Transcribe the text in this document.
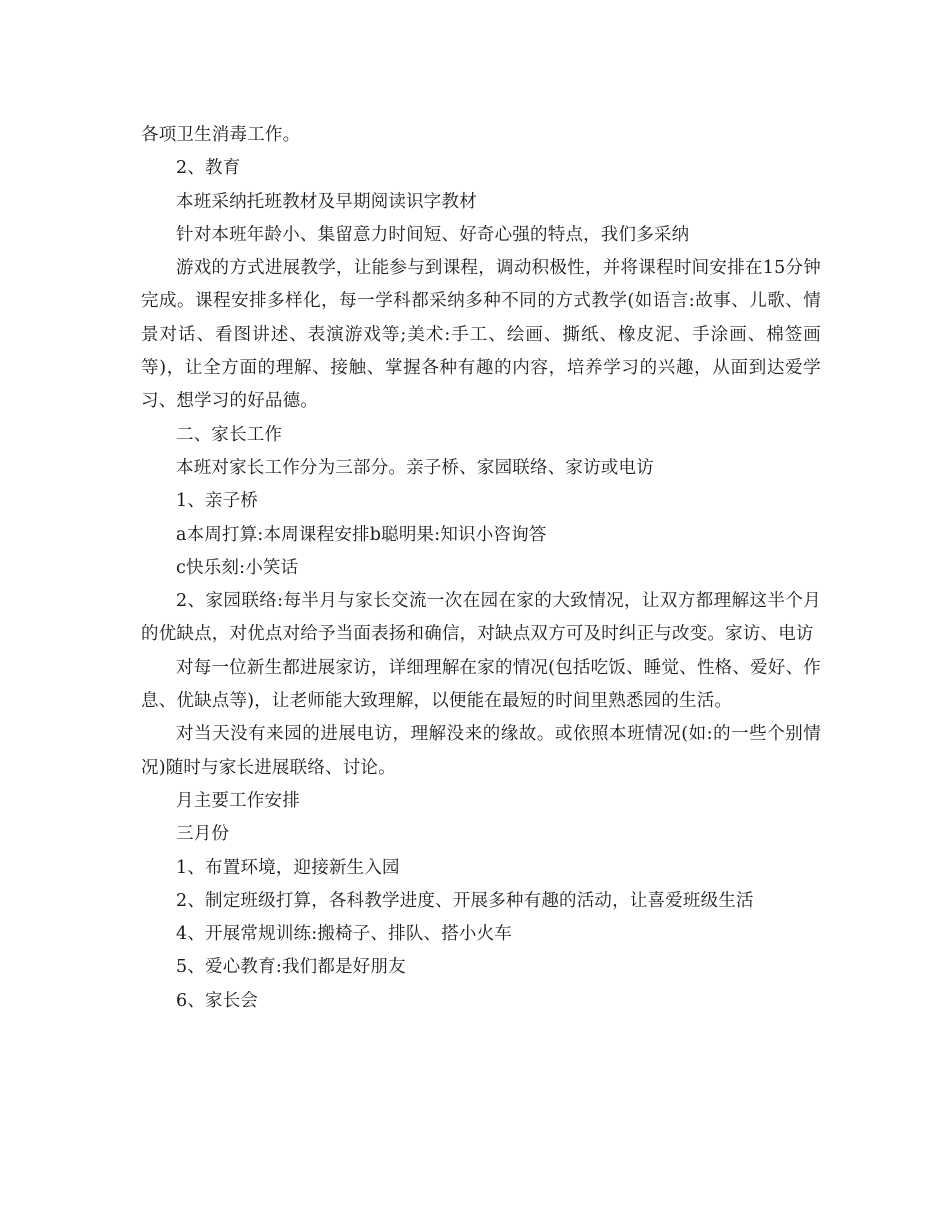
各项卫生消毒工作。

2、教育

本班采纳托班教材及早期阅读识字教材

针对本班年龄小、集留意力时间短、好奇心强的特点，我们多采纳

游戏的方式进展教学，让能参与到课程，调动积极性，并将课程时间安排在15分钟完成。课程安排多样化，每一学科都采纳多种不同的方式教学(如语言:故事、儿歌、情景对话、看图讲述、表演游戏等;美术:手工、绘画、撕纸、橡皮泥、手涂画、棉签画等)，让全方面的理解、接触、掌握各种有趣的内容，培养学习的兴趣，从面到达爱学习、想学习的好品德。

二、家长工作

本班对家长工作分为三部分。亲子桥、家园联络、家访或电访

1、亲子桥

a本周打算:本周课程安排b聪明果:知识小咨询答

c快乐刻:小笑话

2、家园联络:每半月与家长交流一次在园在家的大致情况，让双方都理解这半个月的优缺点，对优点对给予当面表扬和确信，对缺点双方可及时纠正与改变。家访、电访

对每一位新生都进展家访，详细理解在家的情况(包括吃饭、睡觉、性格、爱好、作息、优缺点等)，让老师能大致理解，以便能在最短的时间里熟悉园的生活。

对当天没有来园的进展电访，理解没来的缘故。或依照本班情况(如:的一些个别情况)随时与家长进展联络、讨论。

月主要工作安排

三月份

1、布置环境，迎接新生入园

2、制定班级打算，各科教学进度、开展多种有趣的活动，让喜爱班级生活

4、开展常规训练:搬椅子、排队、搭小火车

5、爱心教育:我们都是好朋友

6、家长会
